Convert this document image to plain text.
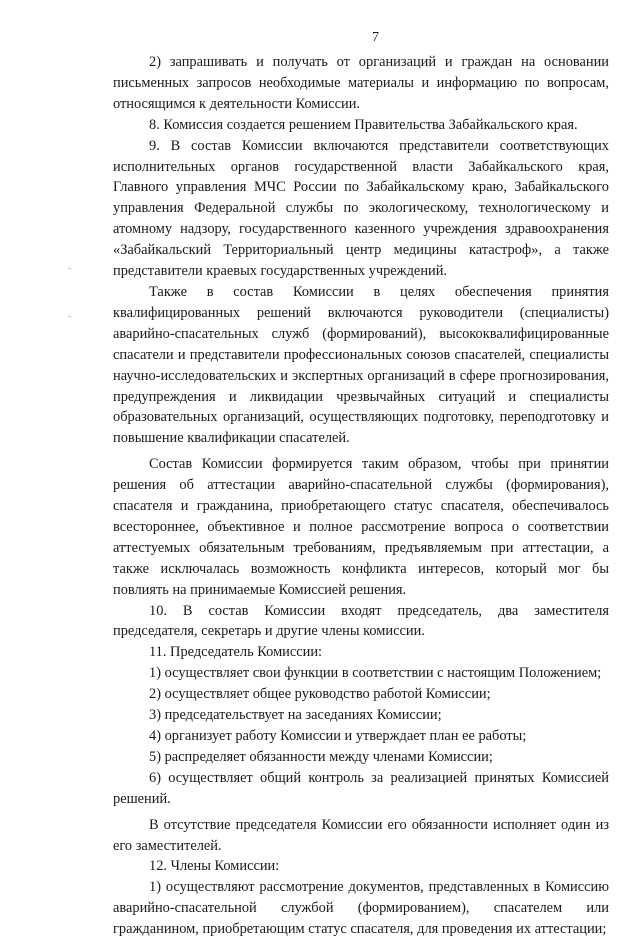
7

2) запрашивать и получать от организаций и граждан на основании письменных запросов необходимые материалы и информацию по вопросам, относящимся к деятельности Комиссии.

8. Комиссия создается решением Правительства Забайкальского края.

9. В состав Комиссии включаются представители соответствующих исполнительных органов государственной власти Забайкальского края, Главного управления МЧС России по Забайкальскому краю, Забайкальского управления Федеральной службы по экологическому, технологическому и атомному надзору, государственного казенного учреждения здравоохранения «Забайкальский Территориальный центр медицины катастроф», а также представители краевых государственных учреждений.

Также в состав Комиссии в целях обеспечения принятия квалифицированных решений включаются руководители (специалисты) аварийно-спасательных служб (формирований), высококвалифицированные спасатели и представители профессиональных союзов спасателей, специалисты научно-исследовательских и экспертных организаций в сфере прогнозирования, предупреждения и ликвидации чрезвычайных ситуаций и специалисты образовательных организаций, осуществляющих подготовку, переподготовку и повышение квалификации спасателей.

Состав Комиссии формируется таким образом, чтобы при принятии решения об аттестации аварийно-спасательной службы (формирования), спасателя и гражданина, приобретающего статус спасателя, обеспечивалось всестороннее, объективное и полное рассмотрение вопроса о соответствии аттестуемых обязательным требованиям, предъявляемым при аттестации, а также исключалась возможность конфликта интересов, который мог бы повлиять на принимаемые Комиссией решения.

10. В состав Комиссии входят председатель, два заместителя председателя, секретарь и другие члены комиссии.

11. Председатель Комиссии:

1) осуществляет свои функции в соответствии с настоящим Положением;

2) осуществляет общее руководство работой Комиссии;

3) председательствует на заседаниях Комиссии;

4) организует работу Комиссии и утверждает план ее работы;

5) распределяет обязанности между членами Комиссии;

6) осуществляет общий контроль за реализацией принятых Комиссией решений.

В отсутствие председателя Комиссии его обязанности исполняет один из его заместителей.

12. Члены Комиссии:

1) осуществляют рассмотрение документов, представленных в Комиссию аварийно-спасательной службой (формированием), спасателем или гражданином, приобретающим статус спасателя, для проведения их аттестации;
